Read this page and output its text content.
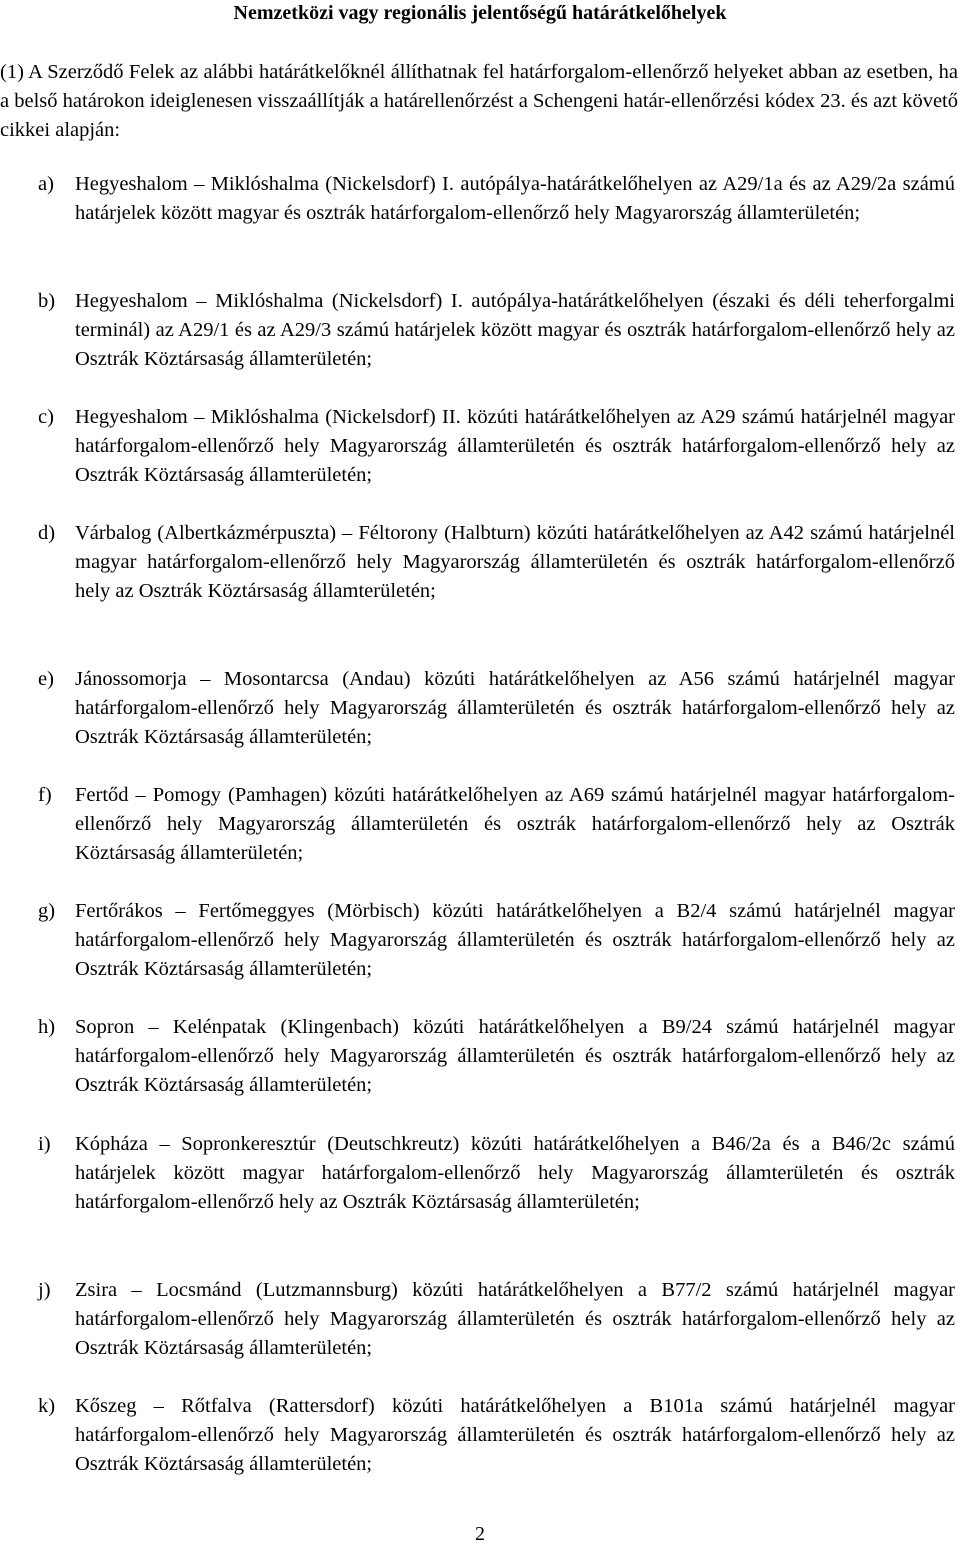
Nemzetközi vagy regionális jelentőségű határátkelőhelyek
(1) A Szerződő Felek az alábbi határátkelőknél állíthatnak fel határforgalom-ellenőrző helyeket abban az esetben, ha a belső határokon ideiglenesen visszaállítják a határellenőrzést a Schengeni határ-ellenőrzési kódex 23. és azt követő cikkei alapján:
a) Hegyeshalom – Miklóshalma (Nickelsdorf) I. autópálya-határátkelőhelyen az A29/1a és az A29/2a számú határjelek között magyar és osztrák határforgalom-ellenőrző hely Magyarország államterületén;
b) Hegyeshalom – Miklóshalma (Nickelsdorf) I. autópálya-határátkelőhelyen (északi és déli teherforgalmi terminál) az A29/1 és az A29/3 számú határjelek között magyar és osztrák határforgalom-ellenőrző hely az Osztrák Köztársaság államterületén;
c) Hegyeshalom – Miklóshalma (Nickelsdorf) II. közúti határátkelőhelyen az A29 számú határjelnél magyar határforgalom-ellenőrző hely Magyarország államterületén és osztrák határforgalom-ellenőrző hely az Osztrák Köztársaság államterületén;
d) Várbalog (Albertkázmérpuszta) – Féltorony (Halbturn) közúti határátkelőhelyen az A42 számú határjelnél magyar határforgalom-ellenőrző hely Magyarország államterületén és osztrák határforgalom-ellenőrző hely az Osztrák Köztársaság államterületén;
e) Jánossomorja – Mosontarcsa (Andau) közúti határátkelőhelyen az A56 számú határjelnél magyar határforgalom-ellenőrző hely Magyarország államterületén és osztrák határforgalom-ellenőrző hely az Osztrák Köztársaság államterületén;
f) Fertőd – Pomogy (Pamhagen) közúti határátkelőhelyen az A69 számú határjelnél magyar határforgalom-ellenőrző hely Magyarország államterületén és osztrák határforgalom-ellenőrző hely az Osztrák Köztársaság államterületén;
g) Fertőrákos – Fertőmeggyes (Mörbisch) közúti határátkelőhelyen a B2/4 számú határjelnél magyar határforgalom-ellenőrző hely Magyarország államterületén és osztrák határforgalom-ellenőrző hely az Osztrák Köztársaság államterületén;
h) Sopron – Kelénpatak (Klingenbach) közúti határátkelőhelyen a B9/24 számú határjelnél magyar határforgalom-ellenőrző hely Magyarország államterületén és osztrák határforgalom-ellenőrző hely az Osztrák Köztársaság államterületén;
i) Kópháza – Sopronkeresztúr (Deutschkreutz) közúti határátkelőhelyen a B46/2a és a B46/2c számú határjelek között magyar határforgalom-ellenőrző hely Magyarország államterületén és osztrák határforgalom-ellenőrző hely az Osztrák Köztársaság államterületén;
j) Zsira – Locsmánd (Lutzmannsburg) közúti határátkelőhelyen a B77/2 számú határjelnél magyar határforgalom-ellenőrző hely Magyarország államterületén és osztrák határforgalom-ellenőrző hely az Osztrák Köztársaság államterületén;
k) Kőszeg – Rőtfalva (Rattersdorf) közúti határátkelőhelyen a B101a számú határjelnél magyar határforgalom-ellenőrző hely Magyarország államterületén és osztrák határforgalom-ellenőrző hely az Osztrák Köztársaság államterületén;
2
